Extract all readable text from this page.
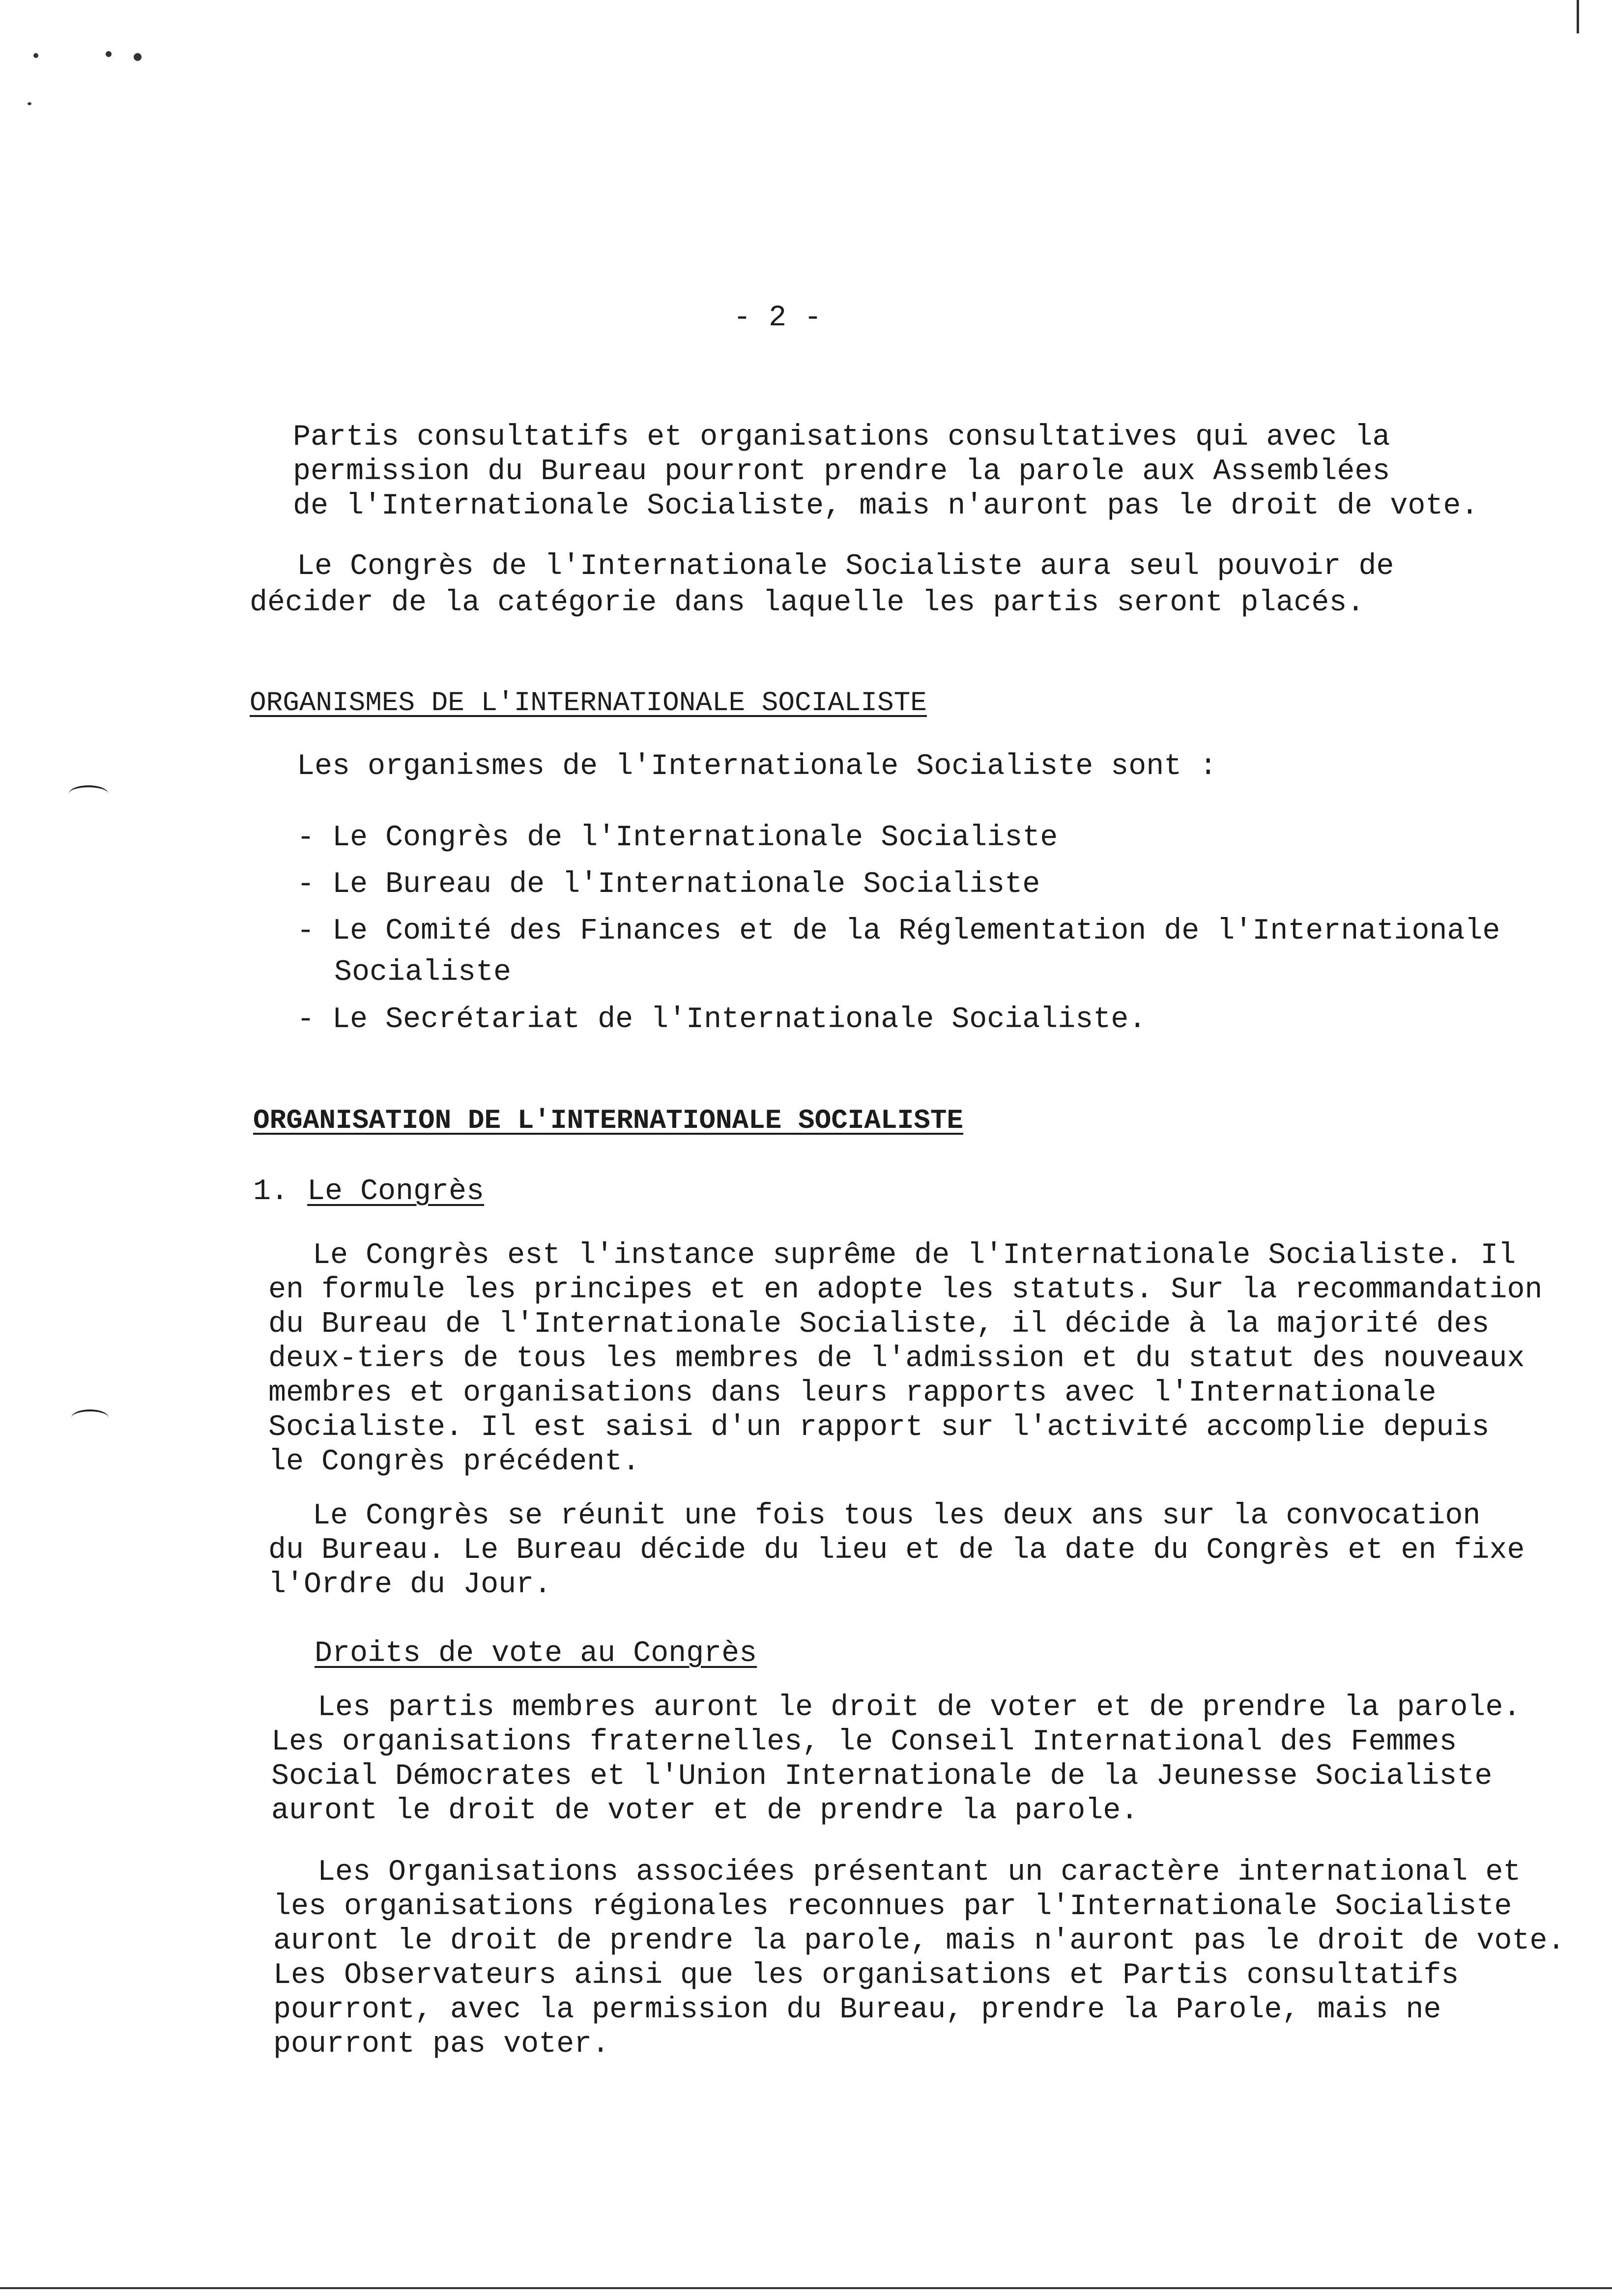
- 2 -

Partis consultatifs et organisations consultatives qui avec la

permission du Bureau pourront prendre la parole aux Assemblées

de l'Internationale Socialiste, mais n'auront pas le droit de vote.

Le Congrès de l'Internationale Socialiste aura seul pouvoir de

décider de la catégorie dans laquelle les partis seront placés.

ORGANISMES DE L'INTERNATIONALE SOCIALISTE

Les organismes de l'Internationale Socialiste sont :

- Le Congrès de l'Internationale Socialiste

- Le Bureau de l'Internationale Socialiste

- Le Comité des Finances et de la Réglementation de l'Internationale

Socialiste

- Le Secrétariat de l'Internationale Socialiste.

ORGANISATION DE L'INTERNATIONALE SOCIALISTE

1. Le Congrès

Le Congrès est l'instance suprême de l'Internationale Socialiste. Il

en formule les principes et en adopte les statuts. Sur la recommandation

du Bureau de l'Internationale Socialiste, il décide à la majorité des

deux-tiers de tous les membres de l'admission et du statut des nouveaux

membres et organisations dans leurs rapports avec l'Internationale

Socialiste. Il est saisi d'un rapport sur l'activité accomplie depuis

le Congrès précédent.

Le Congrès se réunit une fois tous les deux ans sur la convocation

du Bureau. Le Bureau décide du lieu et de la date du Congrès et en fixe

l'Ordre du Jour.

Droits de vote au Congrès

Les partis membres auront le droit de voter et de prendre la parole.

Les organisations fraternelles, le Conseil International des Femmes

Social Démocrates et l'Union Internationale de la Jeunesse Socialiste

auront le droit de voter et de prendre la parole.

Les Organisations associées présentant un caractère international et

les organisations régionales reconnues par l'Internationale Socialiste

auront le droit de prendre la parole, mais n'auront pas le droit de vote.

Les Observateurs ainsi que les organisations et Partis consultatifs

pourront, avec la permission du Bureau, prendre la Parole, mais ne

pourront pas voter.
